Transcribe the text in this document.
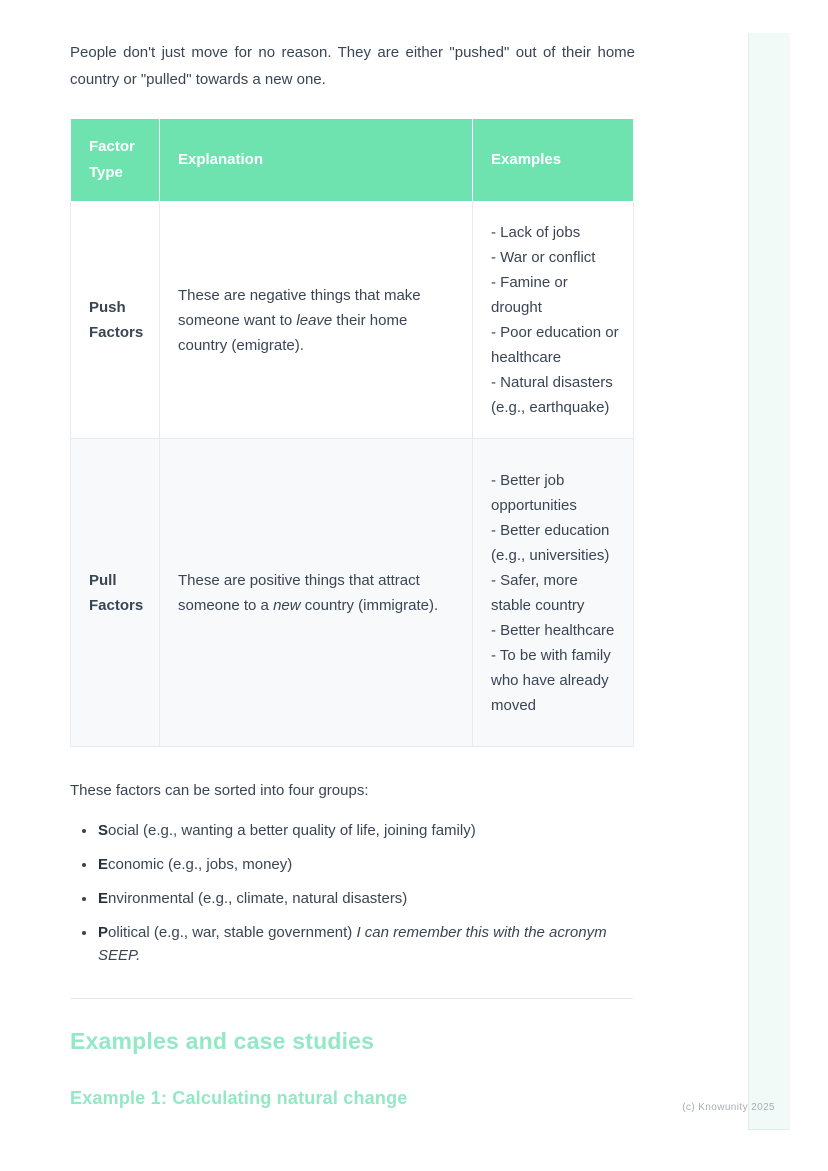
People don't just move for no reason. They are either "pushed" out of their home country or "pulled" towards a new one.

Factor Type	Explanation	Examples
Push Factors	These are negative things that make someone want to leave their home country (emigrate).	- Lack of jobs
- War or conflict
- Famine or drought
- Poor education or healthcare
- Natural disasters (e.g., earthquake)

Pull Factors	These are positive things that attract someone to a new country (immigrate).	- Better job opportunities
- Better education (e.g., universities)
- Safer, more stable country
- Better healthcare
- To be with family who have already moved

These factors can be sorted into four groups:

• Social (e.g., wanting a better quality of life, joining family)
• Economic (e.g., jobs, money)
• Environmental (e.g., climate, natural disasters)
• Political (e.g., war, stable government) I can remember this with the acronym SEEP.
Examples and case studies
Example 1: Calculating natural change	(c) Knowunity 2025
